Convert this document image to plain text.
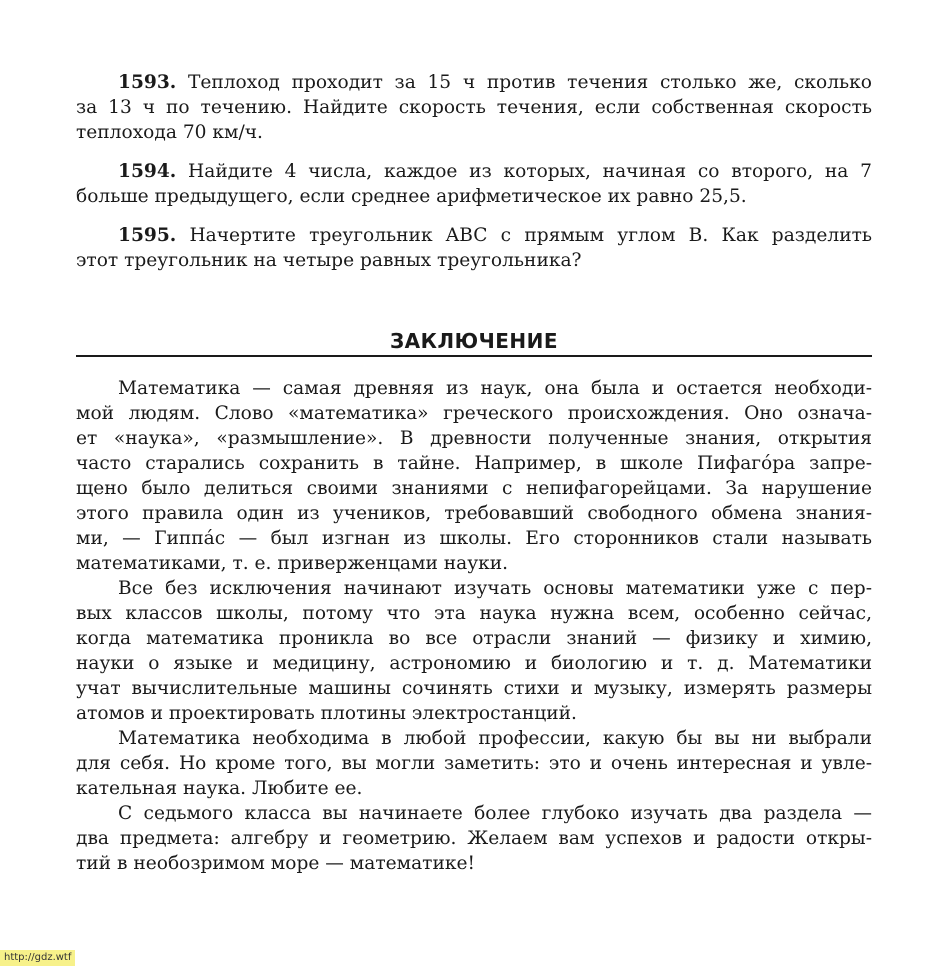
1593. Теплоход проходит за 15 ч против течения столько же, сколько
за 13 ч по течению. Найдите скорость течения, если собственная скорость
теплохода 70 км/ч.
1594. Найдите 4 числа, каждое из которых, начиная со второго, на 7
больше предыдущего, если среднее арифметическое их равно 25,5.
1595. Начертите треугольник ABC с прямым углом B. Как разделить
этот треугольник на четыре равных треугольника?
ЗАКЛЮЧЕНИЕ
Математика — самая древняя из наук, она была и остается необходи-
мой людям. Слово «математика» греческого происхождения. Оно означа-
ет «наука», «размышление». В древности полученные знания, открытия
часто старались сохранить в тайне. Например, в школе Пифагóра запре-
щено было делиться своими знаниями с непифагорейцами. За нарушение
этого правила один из учеников, требовавший свободного обмена знания-
ми, — Гиппáс — был изгнан из школы. Его сторонников стали называть
математиками, т. е. приверженцами науки.
Все без исключения начинают изучать основы математики уже с пер-
вых классов школы, потому что эта наука нужна всем, особенно сейчас,
когда математика проникла во все отрасли знаний — физику и химию,
науки о языке и медицину, астрономию и биологию и т. д. Математики
учат вычислительные машины сочинять стихи и музыку, измерять размеры
атомов и проектировать плотины электростанций.
Математика необходима в любой профессии, какую бы вы ни выбрали
для себя. Но кроме того, вы могли заметить: это и очень интересная и увле-
кательная наука. Любите ее.
С седьмого класса вы начинаете более глубоко изучать два раздела —
два предмета: алгебру и геометрию. Желаем вам успехов и радости откры-
тий в необозримом море — математике!
http://gdz.wtf
